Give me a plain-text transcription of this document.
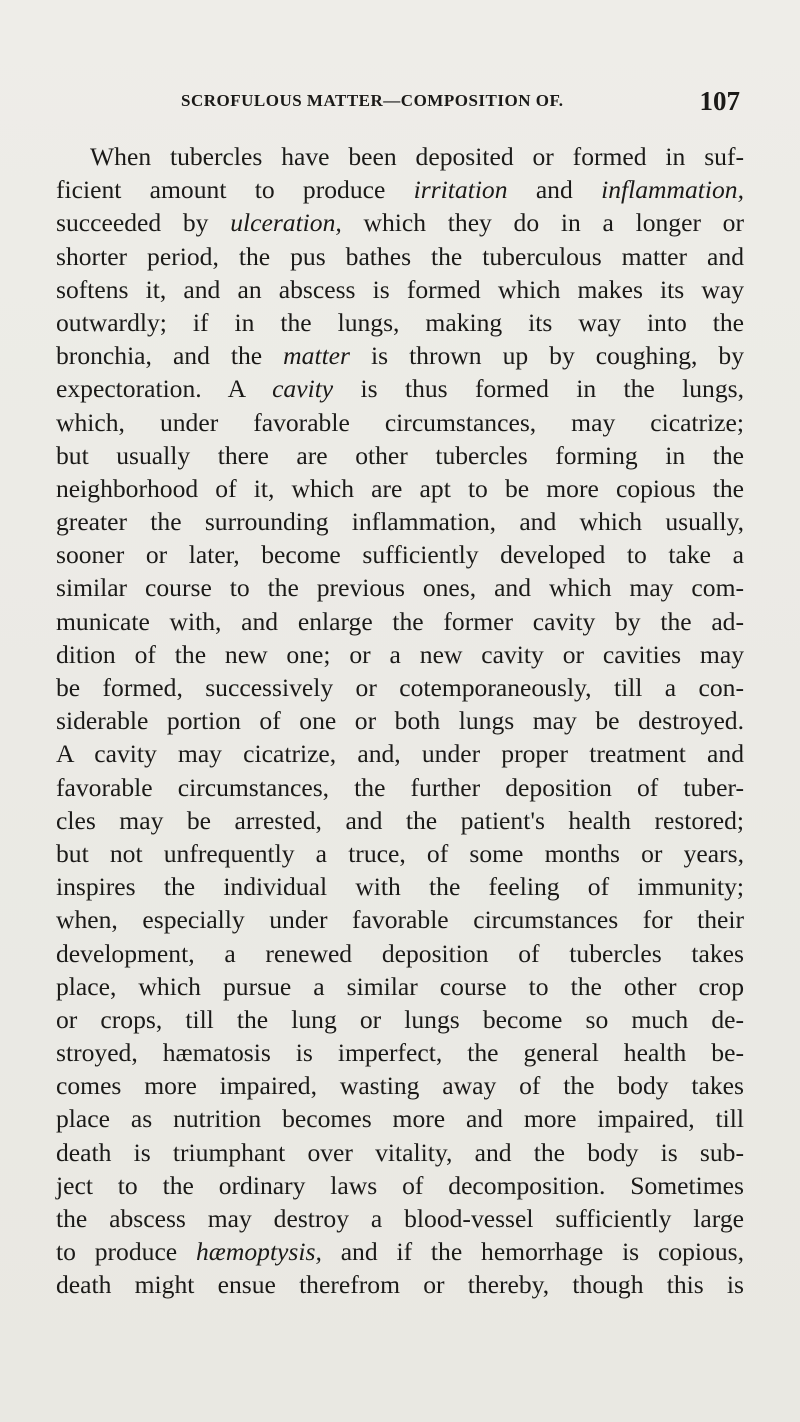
SCROFULOUS MATTER—COMPOSITION OF.	107
When tubercles have been deposited or formed in suf-
ficient amount to produce irritation and inflammation,
succeeded by ulceration, which they do in a longer or
shorter period, the pus bathes the tuberculous matter and
softens it, and an abscess is formed which makes its way
outwardly; if in the lungs, making its way into the
bronchia, and the matter is thrown up by coughing, by
expectoration. A cavity is thus formed in the lungs,
which, under favorable circumstances, may cicatrize;
but usually there are other tubercles forming in the
neighborhood of it, which are apt to be more copious the
greater the surrounding inflammation, and which usually,
sooner or later, become sufficiently developed to take a
similar course to the previous ones, and which may com-
municate with, and enlarge the former cavity by the ad-
dition of the new one; or a new cavity or cavities may
be formed, successively or cotemporaneously, till a con-
siderable portion of one or both lungs may be destroyed.
A cavity may cicatrize, and, under proper treatment and
favorable circumstances, the further deposition of tuber-
cles may be arrested, and the patient's health restored;
but not unfrequently a truce, of some months or years,
inspires the individual with the feeling of immunity;
when, especially under favorable circumstances for their
development, a renewed deposition of tubercles takes
place, which pursue a similar course to the other crop
or crops, till the lung or lungs become so much de-
stroyed, hæmatosis is imperfect, the general health be-
comes more impaired, wasting away of the body takes
place as nutrition becomes more and more impaired, till
death is triumphant over vitality, and the body is sub-
ject to the ordinary laws of decomposition. Sometimes
the abscess may destroy a blood-vessel sufficiently large
to produce hæmoptysis, and if the hemorrhage is copious,
death might ensue therefrom or thereby, though this is
